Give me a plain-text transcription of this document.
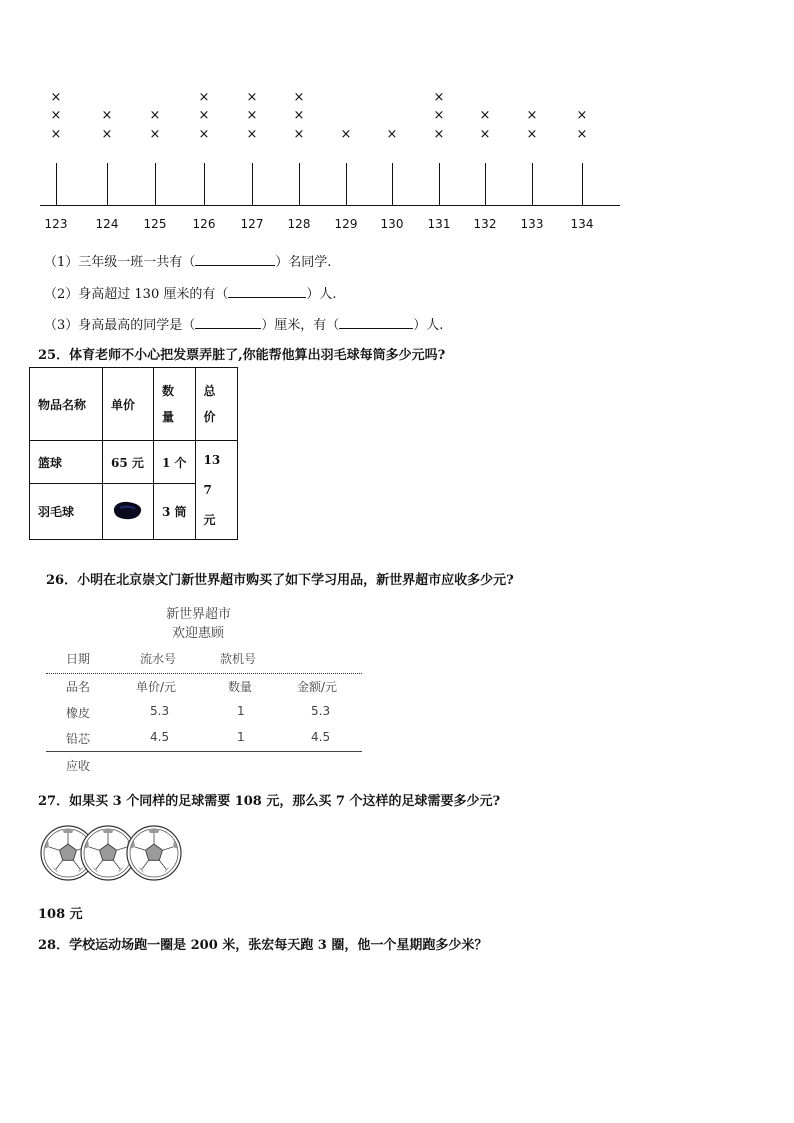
×
×
×
×
×
×
×
×
×
×
×
×
×
×
×
×
×	×	×
×
×
×
×
×
×
×
×
123	124	125	126	127	128	129	130	131	132	133	134
（1）三年级一班一共有（	）名同学.
（2）身高超过 130 厘米的有（	）人.
（3）身高最高的同学是（	）厘米，有（	）人.
25．体育老师不小心把发票弄脏了,你能帮他算出羽毛球每筒多少元吗?
物品名称	单价	数量	总价

篮球	65 元	1 个	137 元

羽毛球		3 筒	
26．小明在北京崇文门新世界超市购买了如下学习用品，新世界超市应收多少元?
新世界超市
欢迎惠顾
日期	流水号	款机号
品名	单价/元	数量	金额/元
橡皮	5.3	1	5.3
铅芯	4.5	1	4.5
应收
27．如果买 3 个同样的足球需要 108 元，那么买 7 个这样的足球需要多少元?
108 元
28．学校运动场跑一圈是 200 米，张宏每天跑 3 圈，他一个星期跑多少米？
